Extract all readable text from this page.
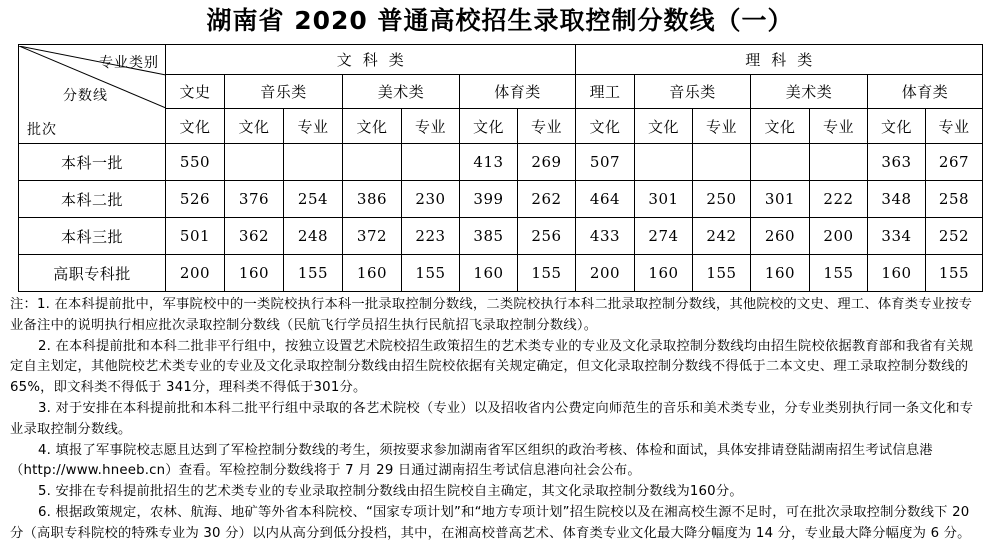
湖南省 2020 普通高校招生录取控制分数线（一）
专业类别
分数线
批次	文  科  类							理  科  类						
	文史	音乐类		美术类		体育类		理工	音乐类		美术类		体育类	
	文化	文化	专业	文化	专业	文化	专业	文化	文化	专业	文化	专业	文化	专业
本科一批	550					413	269	507					363	267
本科二批	526	376	254	386	230	399	262	464	301	250	301	222	348	258
本科三批	501	362	248	372	223	385	256	433	274	242	260	200	334	252
高职专科批	200	160	155	160	155	160	155	200	160	155	160	155	160	155

注：1. 在本科提前批中，军事院校中的一类院校执行本科一批录取控制分数线，二类院校执行本科二批录取控制分数线，其他院校的文史、理工、体育类专业按专业备注中的说明执行相应批次录取控制分数线（民航飞行学员招生执行民航招飞录取控制分数线）。

2. 在本科提前批和本科二批非平行组中，按独立设置艺术院校招生政策招生的艺术类专业的专业及文化录取控制分数线均由招生院校依据教育部和我省有关规定自主划定，其他院校艺术类专业的专业及文化录取控制分数线由招生院校依据有关规定确定，但文化录取控制分数线不得低于二本文史、理工录取控制分数线的65%，即文科类不得低于 341分，理科类不得低于301分。

3. 对于安排在本科提前批和本科二批平行组中录取的各艺术院校（专业）以及招收省内公费定向师范生的音乐和美术类专业，分专业类别执行同一条文化和专业录取控制分数线。

4. 填报了军事院校志愿且达到了军检控制分数线的考生，须按要求参加湖南省军区组织的政治考核、体检和面试，具体安排请登陆湖南招生考试信息港（http://www.hneeb.cn）查看。军检控制分数线将于 7 月 29 日通过湖南招生考试信息港向社会公布。

5. 安排在专科提前批招生的艺术类专业的专业录取控制分数线由招生院校自主确定，其文化录取控制分数线为160分。

6. 根据政策规定，农林、航海、地矿等外省本科院校、“国家专项计划”和“地方专项计划”招生院校以及在湘高校生源不足时，可在批次录取控制分数线下 20 分（高职专科院校的特殊专业为 30 分）以内从高分到低分投档，其中，在湘高校普高艺术、体育类专业文化最大降分幅度为 14 分，专业最大降分幅度为 6 分。
